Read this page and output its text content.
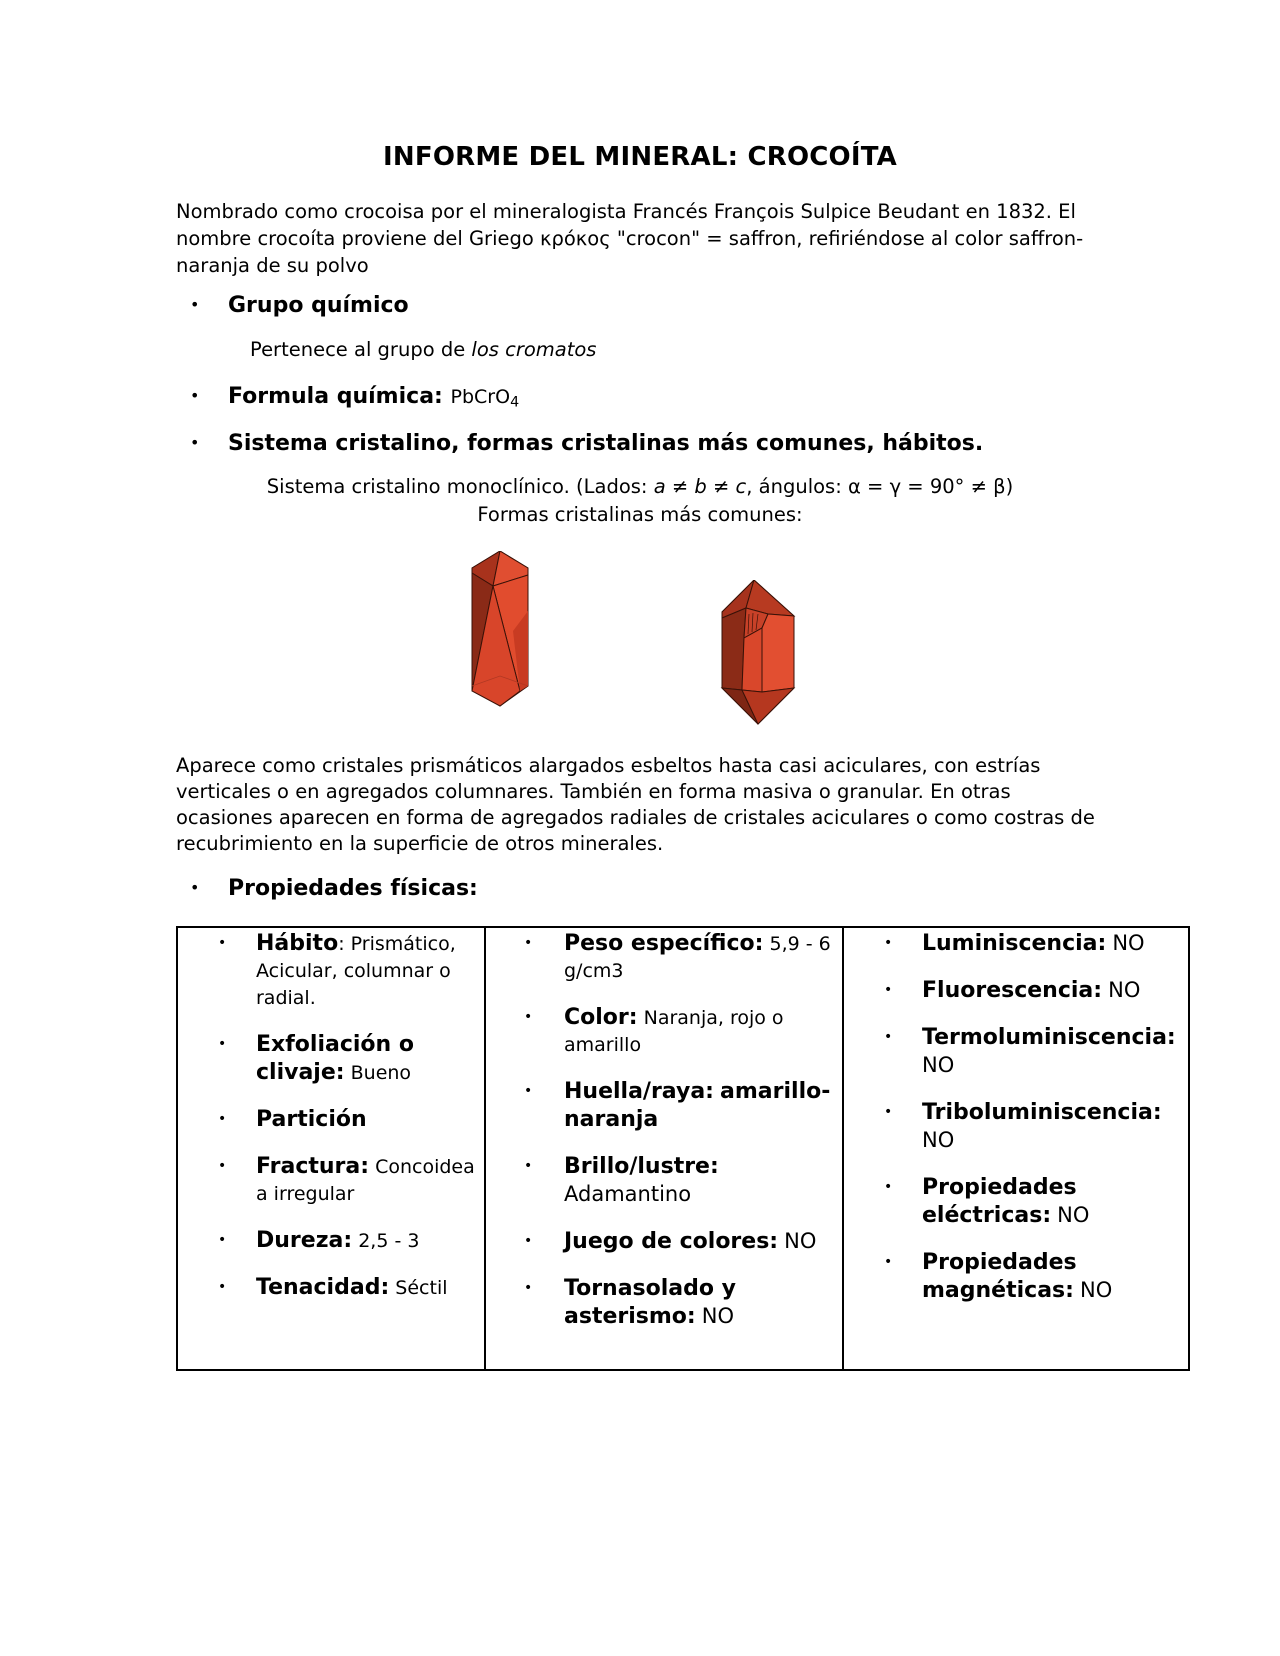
INFORME DEL MINERAL: CROCOÍTA
Nombrado como crocoisa por el mineralogista Francés François Sulpice Beudant en 1832. El nombre crocoíta proviene del Griego κρόκος "crocon" = saffron, refiriéndose al color saffron-naranja de su polvo
• Grupo químico
Pertenece al grupo de los cromatos
• Formula química: PbCrO$_4$
• Sistema cristalino, formas cristalinas más comunes, hábitos.
Sistema cristalino monoclínico. (Lados: a ≠ b ≠ c, ángulos: α = γ = 90° ≠ β)
Formas cristalinas más comunes:
Aparece como cristales prismáticos alargados esbeltos hasta casi aciculares, con estrías verticales o en agregados columnares. También en forma masiva o granular. En otras ocasiones aparecen en forma de agregados radiales de cristales aciculares o como costras de recubrimiento en la superficie de otros minerales.
• Propiedades físicas:
• Hábito: Prismático, Acicular, columnar o radial.
• Exfoliación o clivaje: Bueno
• Partición
• Fractura: Concoidea a irregular
• Dureza: 2,5 - 3
• Tenacidad: Séctil

• Peso específico: 5,9 - 6 g/cm3
• Color: Naranja, rojo o amarillo
• Huella/raya: amarillo-naranja
• Brillo/lustre: Adamantino
• Juego de colores: NO
• Tornasolado y asterismo: NO

• Luminiscencia: NO
• Fluorescencia: NO
• Termoluminiscencia: NO
• Triboluminiscencia: NO
• Propiedades eléctricas: NO
• Propiedades magnéticas: NO
